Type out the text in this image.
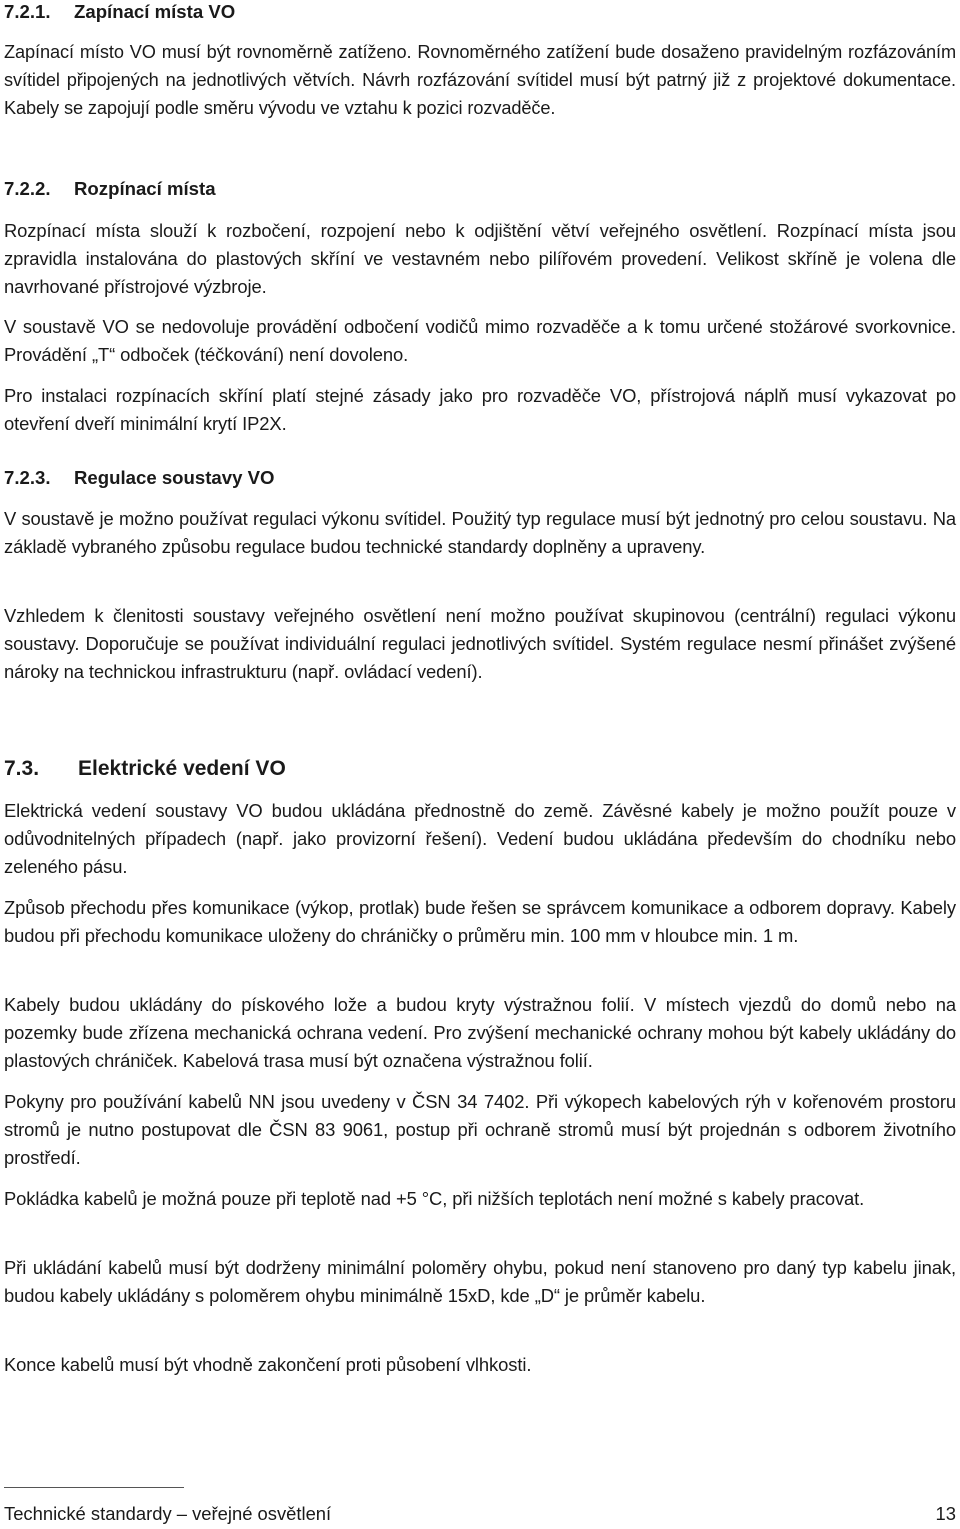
7.2.1. Zapínací místa VO

Zapínací místo VO musí být rovnoměrně zatíženo. Rovnoměrného zatížení bude dosaženo pravidelným rozfázováním svítidel připojených na jednotlivých větvích. Návrh rozfázování svítidel musí být patrný již z projektové dokumentace. Kabely se zapojují podle směru vývodu ve vztahu k pozici rozvaděče.

7.2.2. Rozpínací místa

Rozpínací místa slouží k rozbočení, rozpojení nebo k odjištění větví veřejného osvětlení. Rozpínací místa jsou zpravidla instalována do plastových skříní ve vestavném nebo pilířovém provedení. Velikost skříně je volena dle navrhované přístrojové výzbroje.

V soustavě VO se nedovoluje provádění odbočení vodičů mimo rozvaděče a k tomu určené stožárové svorkovnice. Provádění „T“ odboček (téčkování) není dovoleno.

Pro instalaci rozpínacích skříní platí stejné zásady jako pro rozvaděče VO, přístrojová náplň musí vykazovat po otevření dveří minimální krytí IP2X.

7.2.3. Regulace soustavy VO

V soustavě je možno používat regulaci výkonu svítidel. Použitý typ regulace musí být jednotný pro celou soustavu. Na základě vybraného způsobu regulace budou technické standardy doplněny a upraveny.

Vzhledem k členitosti soustavy veřejného osvětlení není možno používat skupinovou (centrální) regulaci výkonu soustavy. Doporučuje se používat individuální regulaci jednotlivých svítidel. Systém regulace nesmí přinášet zvýšené nároky na technickou infrastrukturu (např. ovládací vedení).

7.3. Elektrické vedení VO

Elektrická vedení soustavy VO budou ukládána přednostně do země. Závěsné kabely je možno použít pouze v odůvodnitelných případech (např. jako provizorní řešení). Vedení budou ukládána především do chodníku nebo zeleného pásu.

Způsob přechodu přes komunikace (výkop, protlak) bude řešen se správcem komunikace a odborem dopravy. Kabely budou při přechodu komunikace uloženy do chráničky o průměru min. 100 mm v hloubce min. 1 m.

Kabely budou ukládány do pískového lože a budou kryty výstražnou folií. V místech vjezdů do domů nebo na pozemky bude zřízena mechanická ochrana vedení. Pro zvýšení mechanické ochrany mohou být kabely ukládány do plastových chrániček. Kabelová trasa musí být označena výstražnou folií.

Pokyny pro používání kabelů NN jsou uvedeny v ČSN 34 7402. Při výkopech kabelových rýh v kořenovém prostoru stromů je nutno postupovat dle ČSN 83 9061, postup při ochraně stromů musí být projednán s odborem životního prostředí.

Pokládka kabelů je možná pouze při teplotě nad +5 °C, při nižších teplotách není možné s kabely pracovat.

Při ukládání kabelů musí být dodrženy minimální poloměry ohybu, pokud není stanoveno pro daný typ kabelu jinak, budou kabely ukládány s poloměrem ohybu minimálně 15xD, kde „D“ je průměr kabelu.

Konce kabelů musí být vhodně zakončení proti působení vlhkosti.

Technické standardy – veřejné osvětlení	13
